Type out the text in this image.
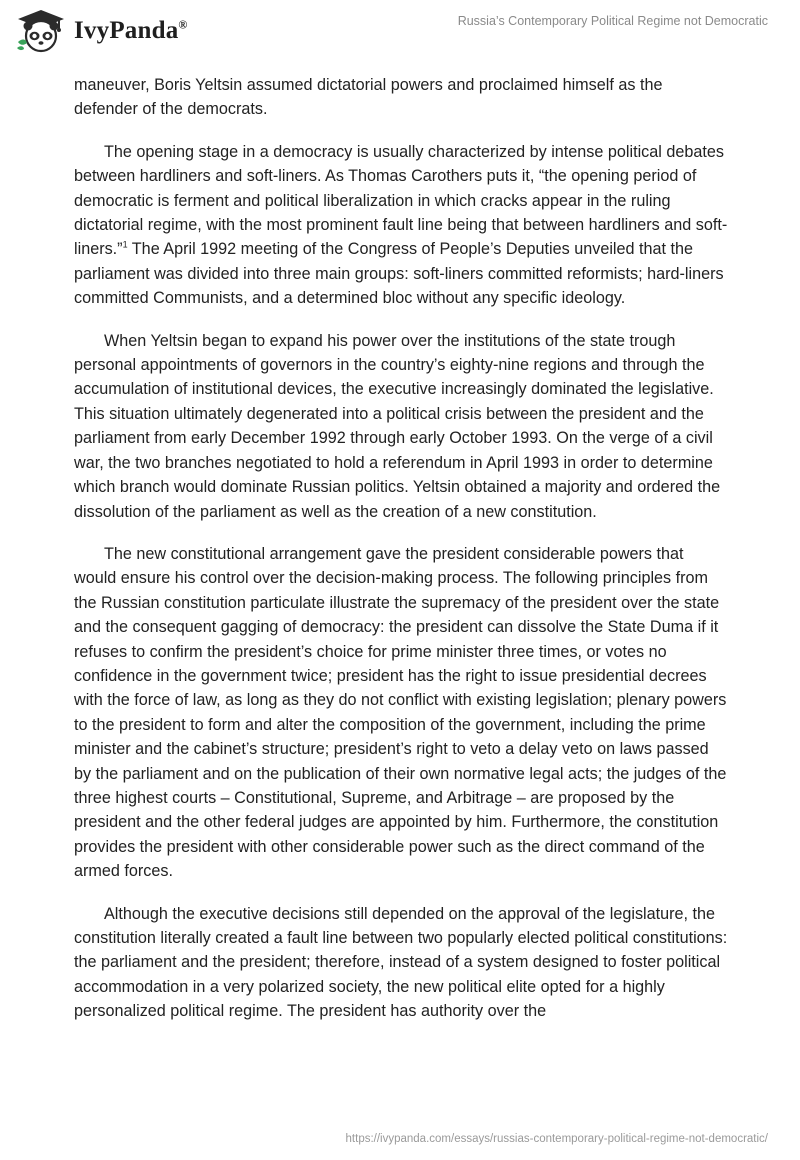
IvyPanda®	Russia’s Contemporary Political Regime not Democratic

maneuver, Boris Yeltsin assumed dictatorial powers and proclaimed himself as the defender of the democrats.

The opening stage in a democracy is usually characterized by intense political debates between hardliners and soft-liners. As Thomas Carothers puts it, “the opening period of democratic is ferment and political liberalization in which cracks appear in the ruling dictatorial regime, with the most prominent fault line being that between hardliners and soft-liners.”$^1$ The April 1992 meeting of the Congress of People’s Deputies unveiled that the parliament was divided into three main groups: soft-liners committed reformists; hard-liners committed Communists, and a determined bloc without any specific ideology.

When Yeltsin began to expand his power over the institutions of the state trough personal appointments of governors in the country’s eighty-nine regions and through the accumulation of institutional devices, the executive increasingly dominated the legislative. This situation ultimately degenerated into a political crisis between the president and the parliament from early December 1992 through early October 1993. On the verge of a civil war, the two branches negotiated to hold a referendum in April 1993 in order to determine which branch would dominate Russian politics. Yeltsin obtained a majority and ordered the dissolution of the parliament as well as the creation of a new constitution.

The new constitutional arrangement gave the president considerable powers that would ensure his control over the decision-making process. The following principles from the Russian constitution particulate illustrate the supremacy of the president over the state and the consequent gagging of democracy: the president can dissolve the State Duma if it refuses to confirm the president’s choice for prime minister three times, or votes no confidence in the government twice; president has the right to issue presidential decrees with the force of law, as long as they do not conflict with existing legislation; plenary powers to the president to form and alter the composition of the government, including the prime minister and the cabinet’s structure; president’s right to veto a delay veto on laws passed by the parliament and on the publication of their own normative legal acts; the judges of the three highest courts – Constitutional, Supreme, and Arbitrage – are proposed by the president and the other federal judges are appointed by him. Furthermore, the constitution provides the president with other considerable power such as the direct command of the armed forces.

Although the executive decisions still depended on the approval of the legislature, the constitution literally created a fault line between two popularly elected political constitutions: the parliament and the president; therefore, instead of a system designed to foster political accommodation in a very polarized society, the new political elite opted for a highly personalized political regime. The president has authority over the

https://ivypanda.com/essays/russias-contemporary-political-regime-not-democratic/
